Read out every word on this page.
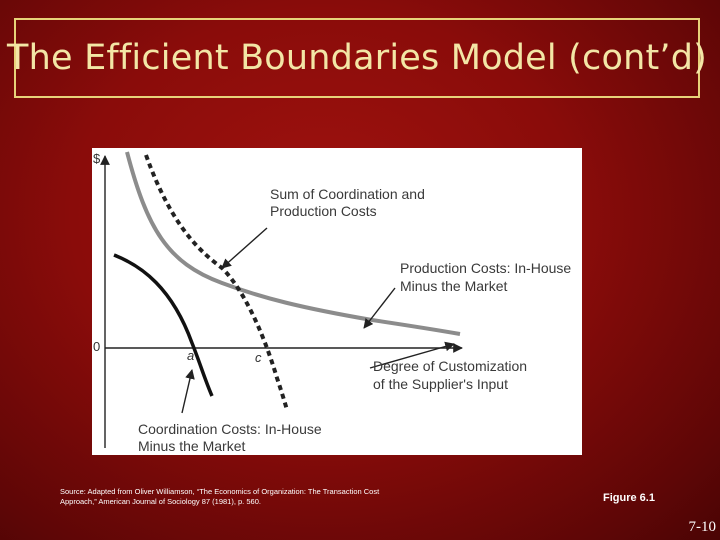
The Efficient Boundaries Model (cont’d)
$
0
a	c
Sum of Coordination and
Production Costs
Production Costs: In-House
Minus the Market
Degree of Customization
of the Supplier's Input
Coordination Costs: In-House
Minus the Market
Source: Adapted from Oliver Williamson, “The Economics of Organization: The Transaction Cost Approach,” American Journal of Sociology 87 (1981), p. 560.	Figure 6.1
7-10
